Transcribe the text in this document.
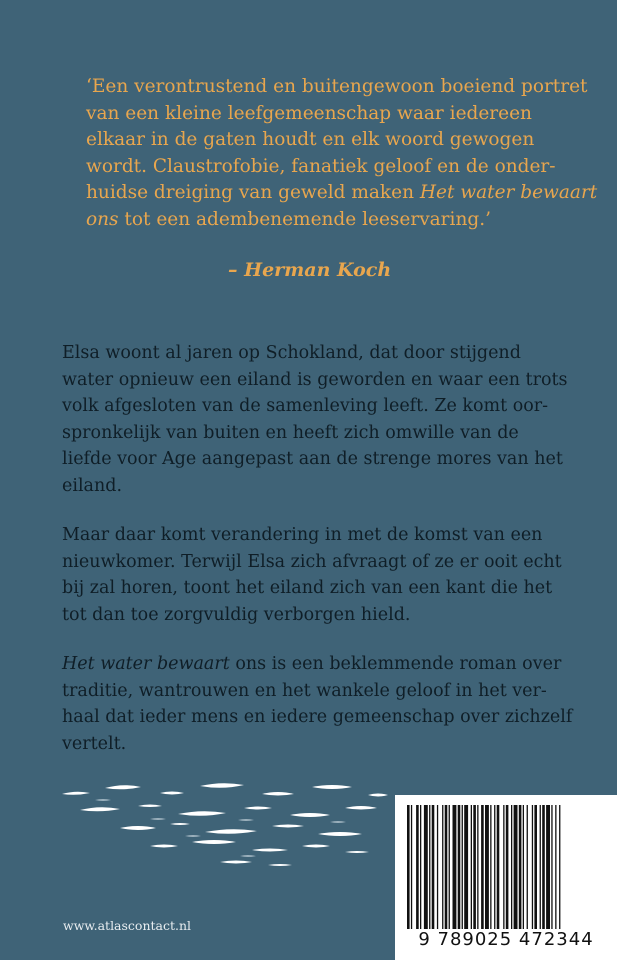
‘Een verontrustend en buitengewoon boeiend portret
van een kleine leefgemeenschap waar iedereen
elkaar in de gaten houdt en elk woord gewogen
wordt. Claustrofobie, fanatiek geloof en de onder-
huidse dreiging van geweld maken Het water bewaart
ons tot een adembenemende leeservaring.’
– Herman Koch
Elsa woont al jaren op Schokland, dat door stijgend
water opnieuw een eiland is geworden en waar een trots
volk afgesloten van de samenleving leeft. Ze komt oor-
spronkelijk van buiten en heeft zich omwille van de
liefde voor Age aangepast aan de strenge mores van het
eiland.
Maar daar komt verandering in met de komst van een
nieuwkomer. Terwijl Elsa zich afvraagt of ze er ooit echt
bij zal horen, toont het eiland zich van een kant die het
tot dan toe zorgvuldig verborgen hield.
Het water bewaart ons is een beklemmende roman over
traditie, wantrouwen en het wankele geloof in het ver-
haal dat ieder mens en iedere gemeenschap over zichzelf
vertelt.
9 789025 472344
www.atlascontact.nl
